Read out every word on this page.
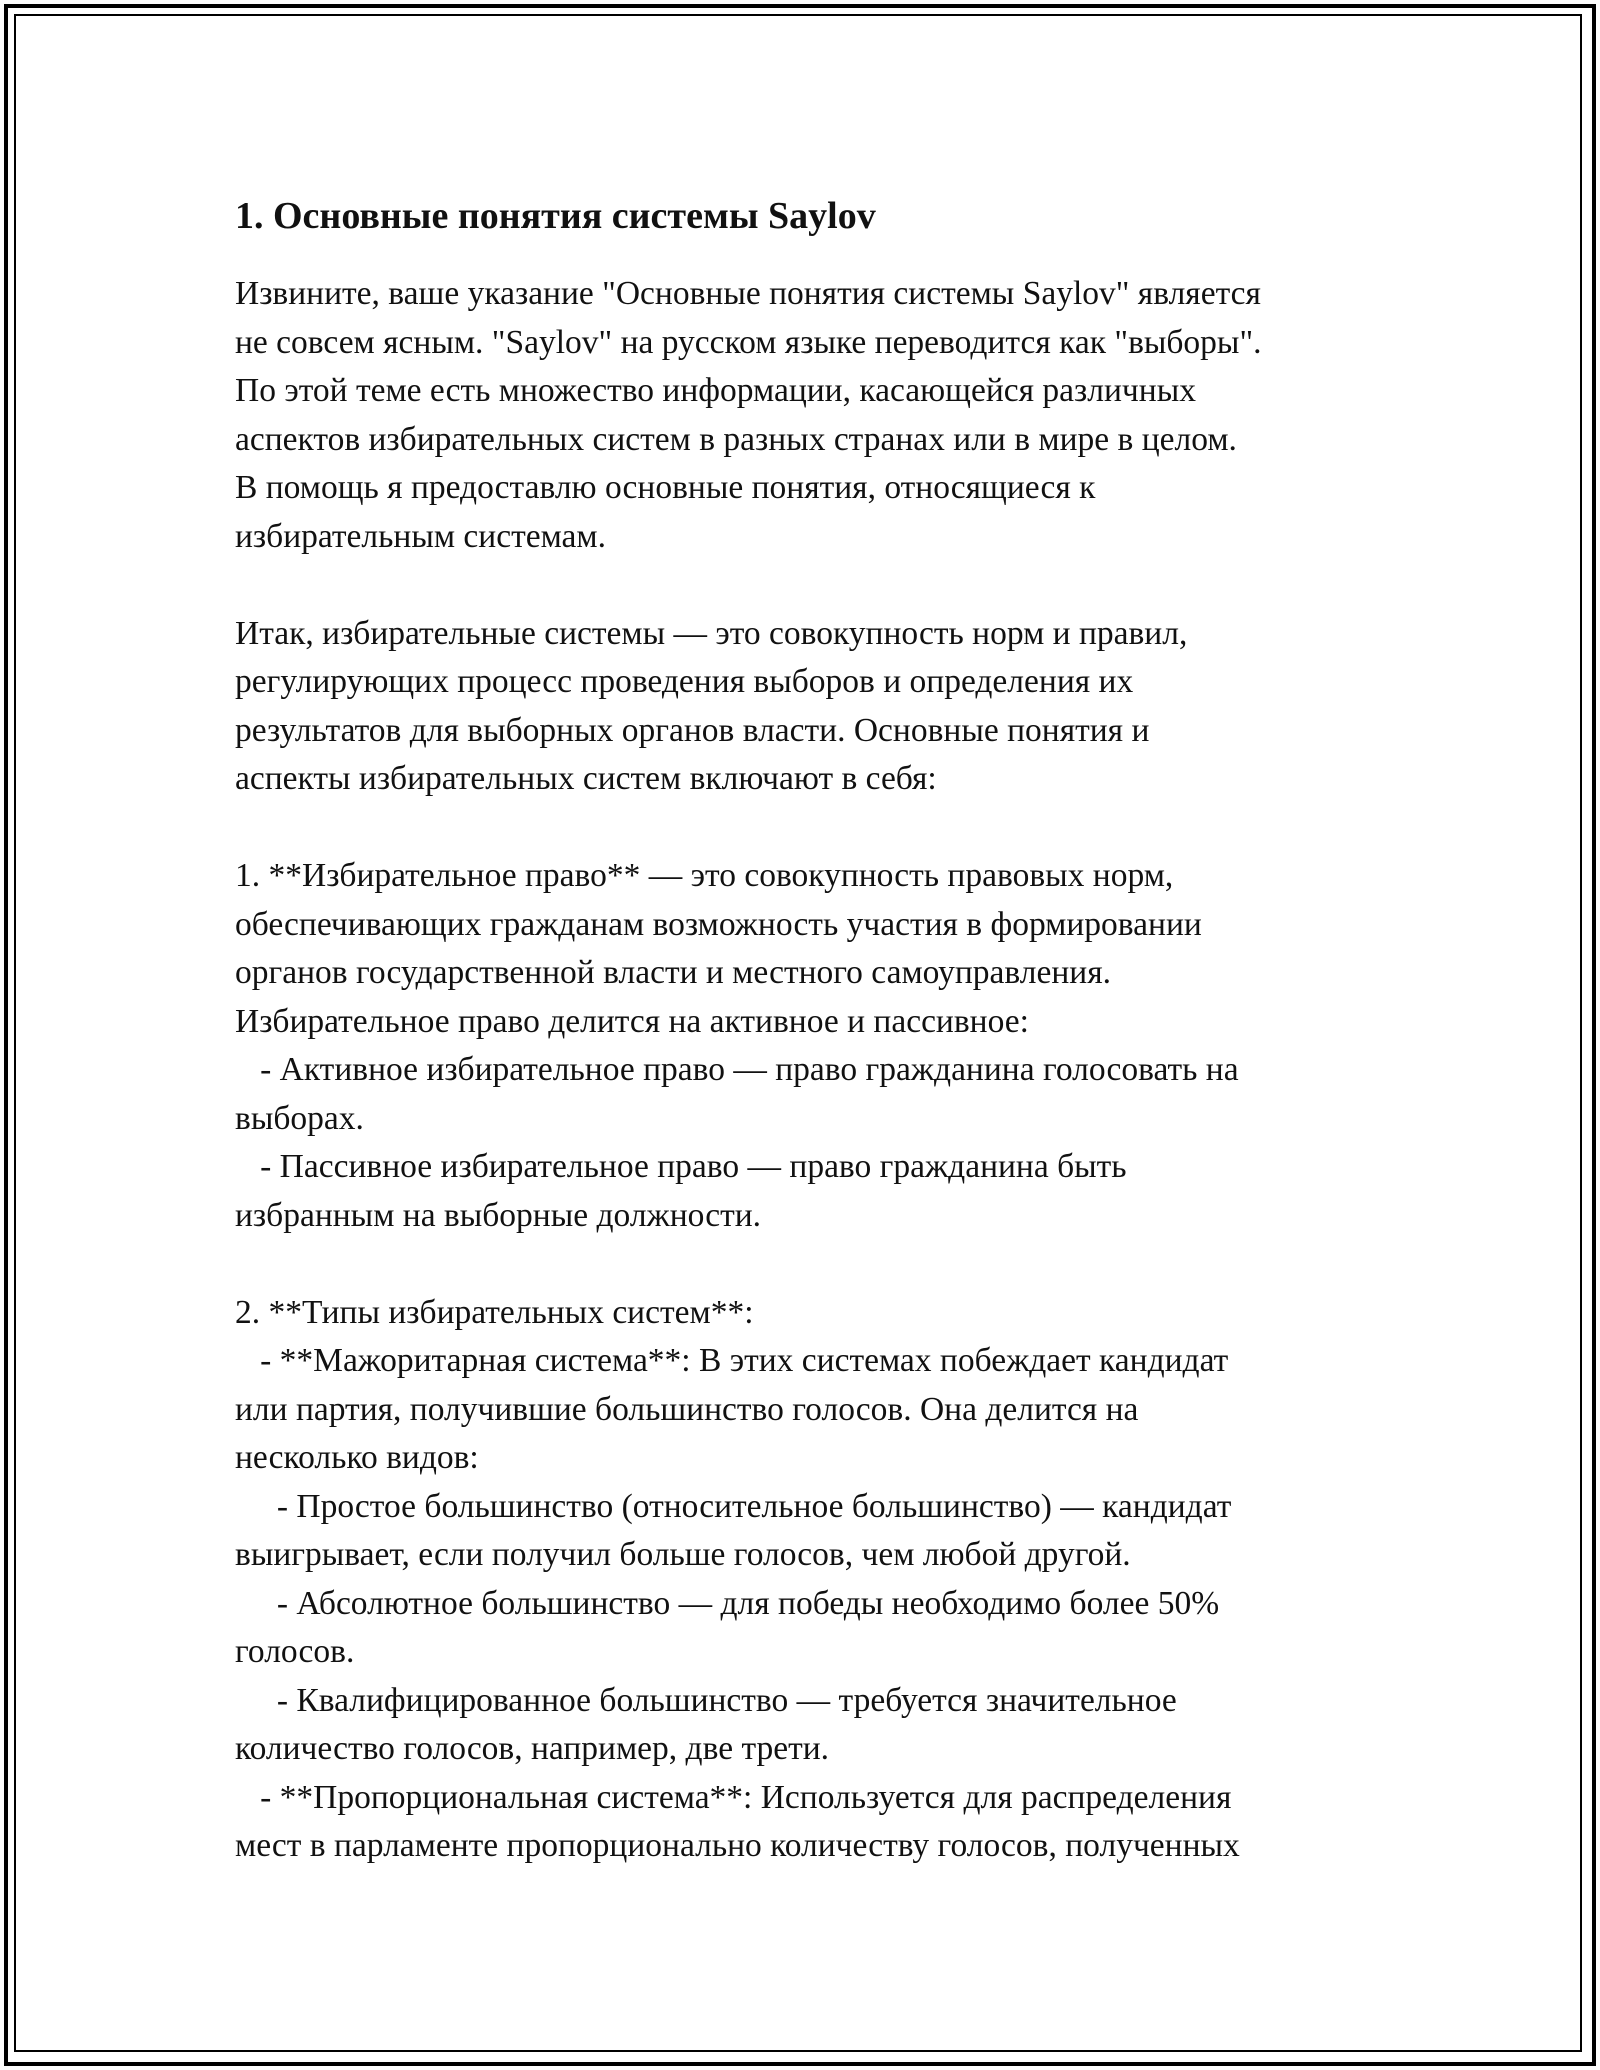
1. Основные понятия системы Saylov
Извините, ваше указание "Основные понятия системы Saylov" является
не совсем ясным. "Saylov" на русском языке переводится как "выборы".
По этой теме есть множество информации, касающейся различных
аспектов избирательных систем в разных странах или в мире в целом.
В помощь я предоставлю основные понятия, относящиеся к
избирательным системам.

Итак, избирательные системы — это совокупность норм и правил,
регулирующих процесс проведения выборов и определения их
результатов для выборных органов власти. Основные понятия и
аспекты избирательных систем включают в себя:

1. **Избирательное право** — это совокупность правовых норм,
обеспечивающих гражданам возможность участия в формировании
органов государственной власти и местного самоуправления.
Избирательное право делится на активное и пассивное:
- Активное избирательное право — право гражданина голосовать на
выборах.
- Пассивное избирательное право — право гражданина быть
избранным на выборные должности.

2. **Типы избирательных систем**:
- **Мажоритарная система**: В этих системах побеждает кандидат
или партия, получившие большинство голосов. Она делится на
несколько видов:
- Простое большинство (относительное большинство) — кандидат
выигрывает, если получил больше голосов, чем любой другой.
- Абсолютное большинство — для победы необходимо более 50%
голосов.
- Квалифицированное большинство — требуется значительное
количество голосов, например, две трети.
- **Пропорциональная система**: Используется для распределения
мест в парламенте пропорционально количеству голосов, полученных
